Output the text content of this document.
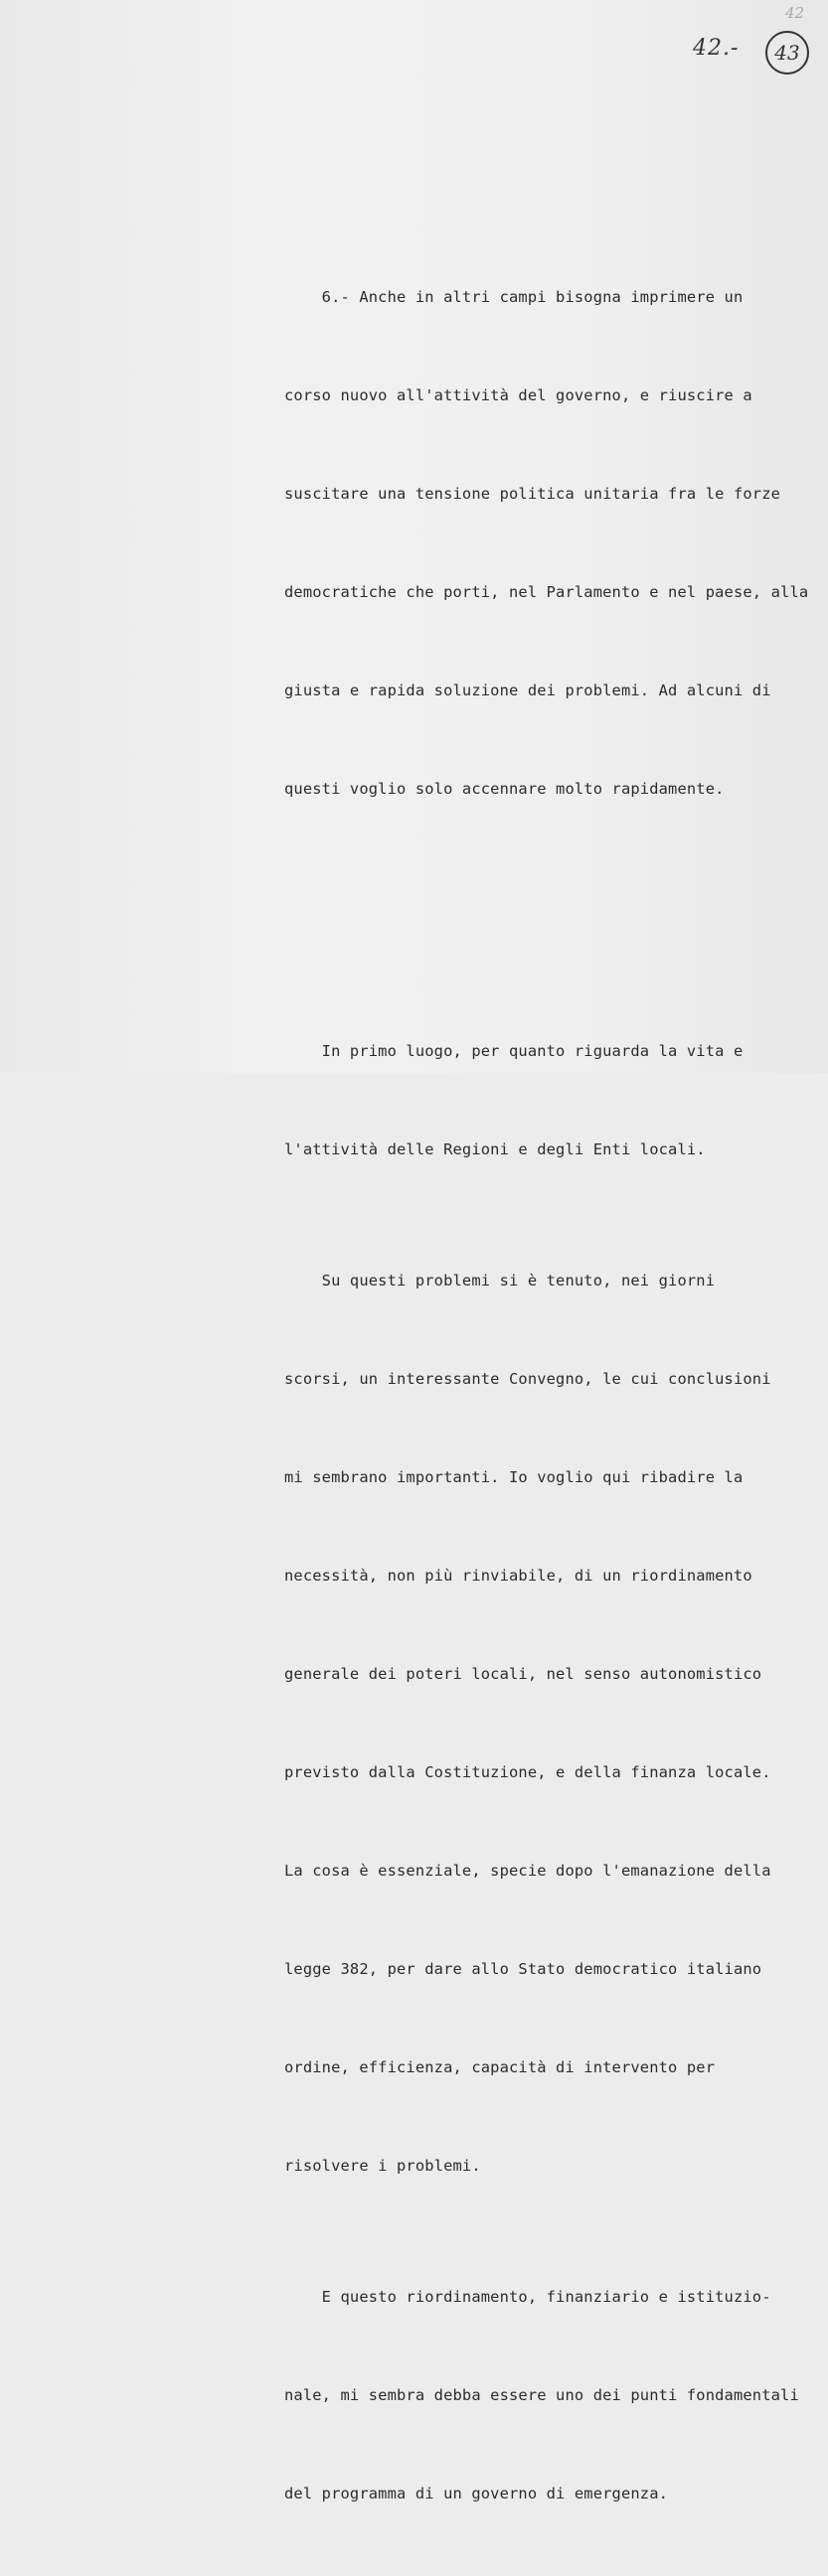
42
42.-	43

6.- Anche in altri campi bisogna imprimere un

corso nuovo all'attività del governo, e riuscire a

suscitare una tensione politica unitaria fra le forze

democratiche che porti, nel Parlamento e nel paese, alla

giusta e rapida soluzione dei problemi. Ad alcuni di

questi voglio solo accennare molto rapidamente.

In primo luogo, per quanto riguarda la vita e

l'attività delle Regioni e degli Enti locali.

Su questi problemi si è tenuto, nei giorni

scorsi, un interessante Convegno, le cui conclusioni

mi sembrano importanti. Io voglio qui ribadire la

necessità, non più rinviabile, di un riordinamento

generale dei poteri locali, nel senso autonomistico

previsto dalla Costituzione, e della finanza locale.

La cosa è essenziale, specie dopo l'emanazione della

legge 382, per dare allo Stato democratico italiano

ordine, efficienza, capacità di intervento per

risolvere i problemi.

E questo riordinamento, finanziario e istituzio-

nale, mi sembra debba essere uno dei punti fondamentali

del programma di un governo di emergenza.
